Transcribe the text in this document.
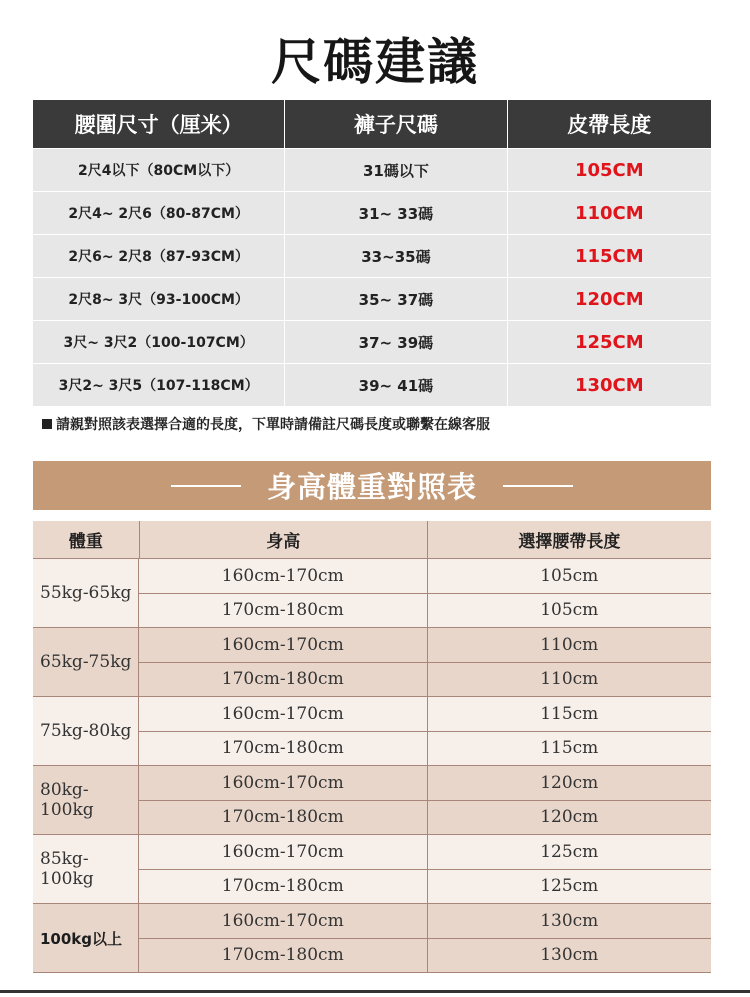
尺碼建議
腰圍尺寸（厘米）	褲子尺碼	皮帶長度
2尺4以下（80CM以下）	31碼以下	105CM
2尺4~ 2尺6（80-87CM）	31~ 33碼	110CM
2尺6~ 2尺8（87-93CM）	33~35碼	115CM
2尺8~ 3尺（93-100CM）	35~ 37碼	120CM
3尺~ 3尺2（100-107CM）	37~ 39碼	125CM
3尺2~ 3尺5（107-118CM）	39~ 41碼	130CM
請親對照該表選擇合適的長度，下單時請備註尺碼長度或聯繫在線客服
身高體重對照表
體重	身高	選擇腰帶長度
55kg-65kg
160cm-170cm	105cm
170cm-180cm	105cm
65kg-75kg
160cm-170cm	110cm
170cm-180cm	110cm
75kg-80kg
160cm-170cm	115cm
170cm-180cm	115cm
80kg-100kg
160cm-170cm	120cm
170cm-180cm	120cm
85kg-100kg
160cm-170cm	125cm
170cm-180cm	125cm
100kg以上
160cm-170cm	130cm
170cm-180cm	130cm
